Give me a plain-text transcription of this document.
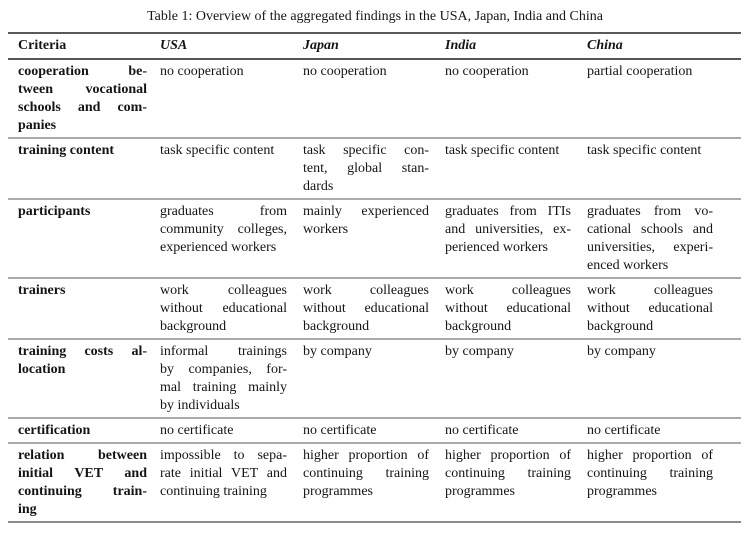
Table 1: Overview of the aggregated findings in the USA, Japan, India and China
Criteria	USA	Japan	India	China

cooperation be-
tween vocational
schools and com-
panies	no cooperation	no cooperation	no cooperation	partial cooperation

training content	task specific content	task specific con-
tent, global stan-
dards	task specific content	task specific content

participants	graduates from
community colleges,
experienced workers	mainly experienced
workers	graduates from ITIs
and universities, ex-
perienced workers	graduates from vo-
cational schools and
universities, experi-
enced workers

trainers	work colleagues
without educational
background	work colleagues
without educational
background	work colleagues
without educational
background	work colleagues
without educational
background

training costs al-
location	informal trainings
by companies, for-
mal training mainly
by individuals	by company	by company	by company

certification	no certificate	no certificate	no certificate	no certificate

relation between
initial VET and
continuing train-
ing	impossible to sepa-
rate initial VET and
continuing training	higher proportion of
continuing training
programmes	higher proportion of
continuing training
programmes	higher proportion of
continuing training
programmes
